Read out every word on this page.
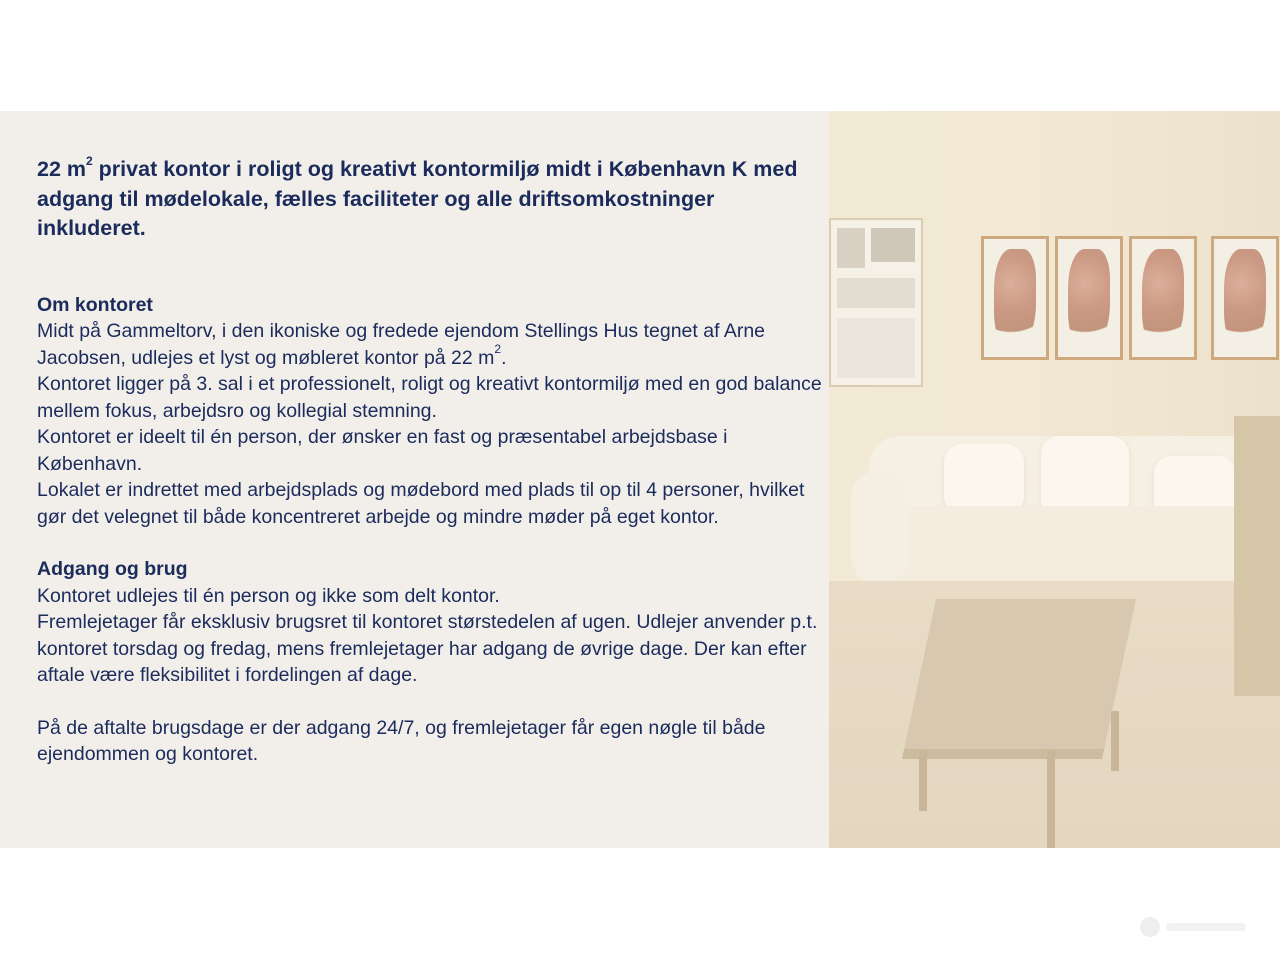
22 $m^2$ privat kontor i roligt og kreativt kontormiljø midt i København K med adgang til mødelokale, fælles faciliteter og alle driftsomkostninger inkluderet.
Om kontoret

Midt på Gammeltorv, i den ikoniske og fredede ejendom Stellings Hus tegnet af Arne Jacobsen, udlejes et lyst og møbleret kontor på 22 $m^2$.

Kontoret ligger på 3. sal i et professionelt, roligt og kreativt kontormiljø med en god balance mellem fokus, arbejdsro og kollegial stemning.

Kontoret er ideelt til én person, der ønsker en fast og præsentabel arbejdsbase i København.

Lokalet er indrettet med arbejdsplads og mødebord med plads til op til 4 personer, hvilket gør det velegnet til både koncentreret arbejde og mindre møder på eget kontor.

Adgang og brug

Kontoret udlejes til én person og ikke som delt kontor.

Fremlejetager får eksklusiv brugsret til kontoret størstedelen af ugen. Udlejer anvender p.t. kontoret torsdag og fredag, mens fremlejetager har adgang de øvrige dage. Der kan efter aftale være fleksibilitet i fordelingen af dage.

På de aftalte brugsdage er der adgang 24/7, og fremlejetager får egen nøgle til både ejendommen og kontoret.
